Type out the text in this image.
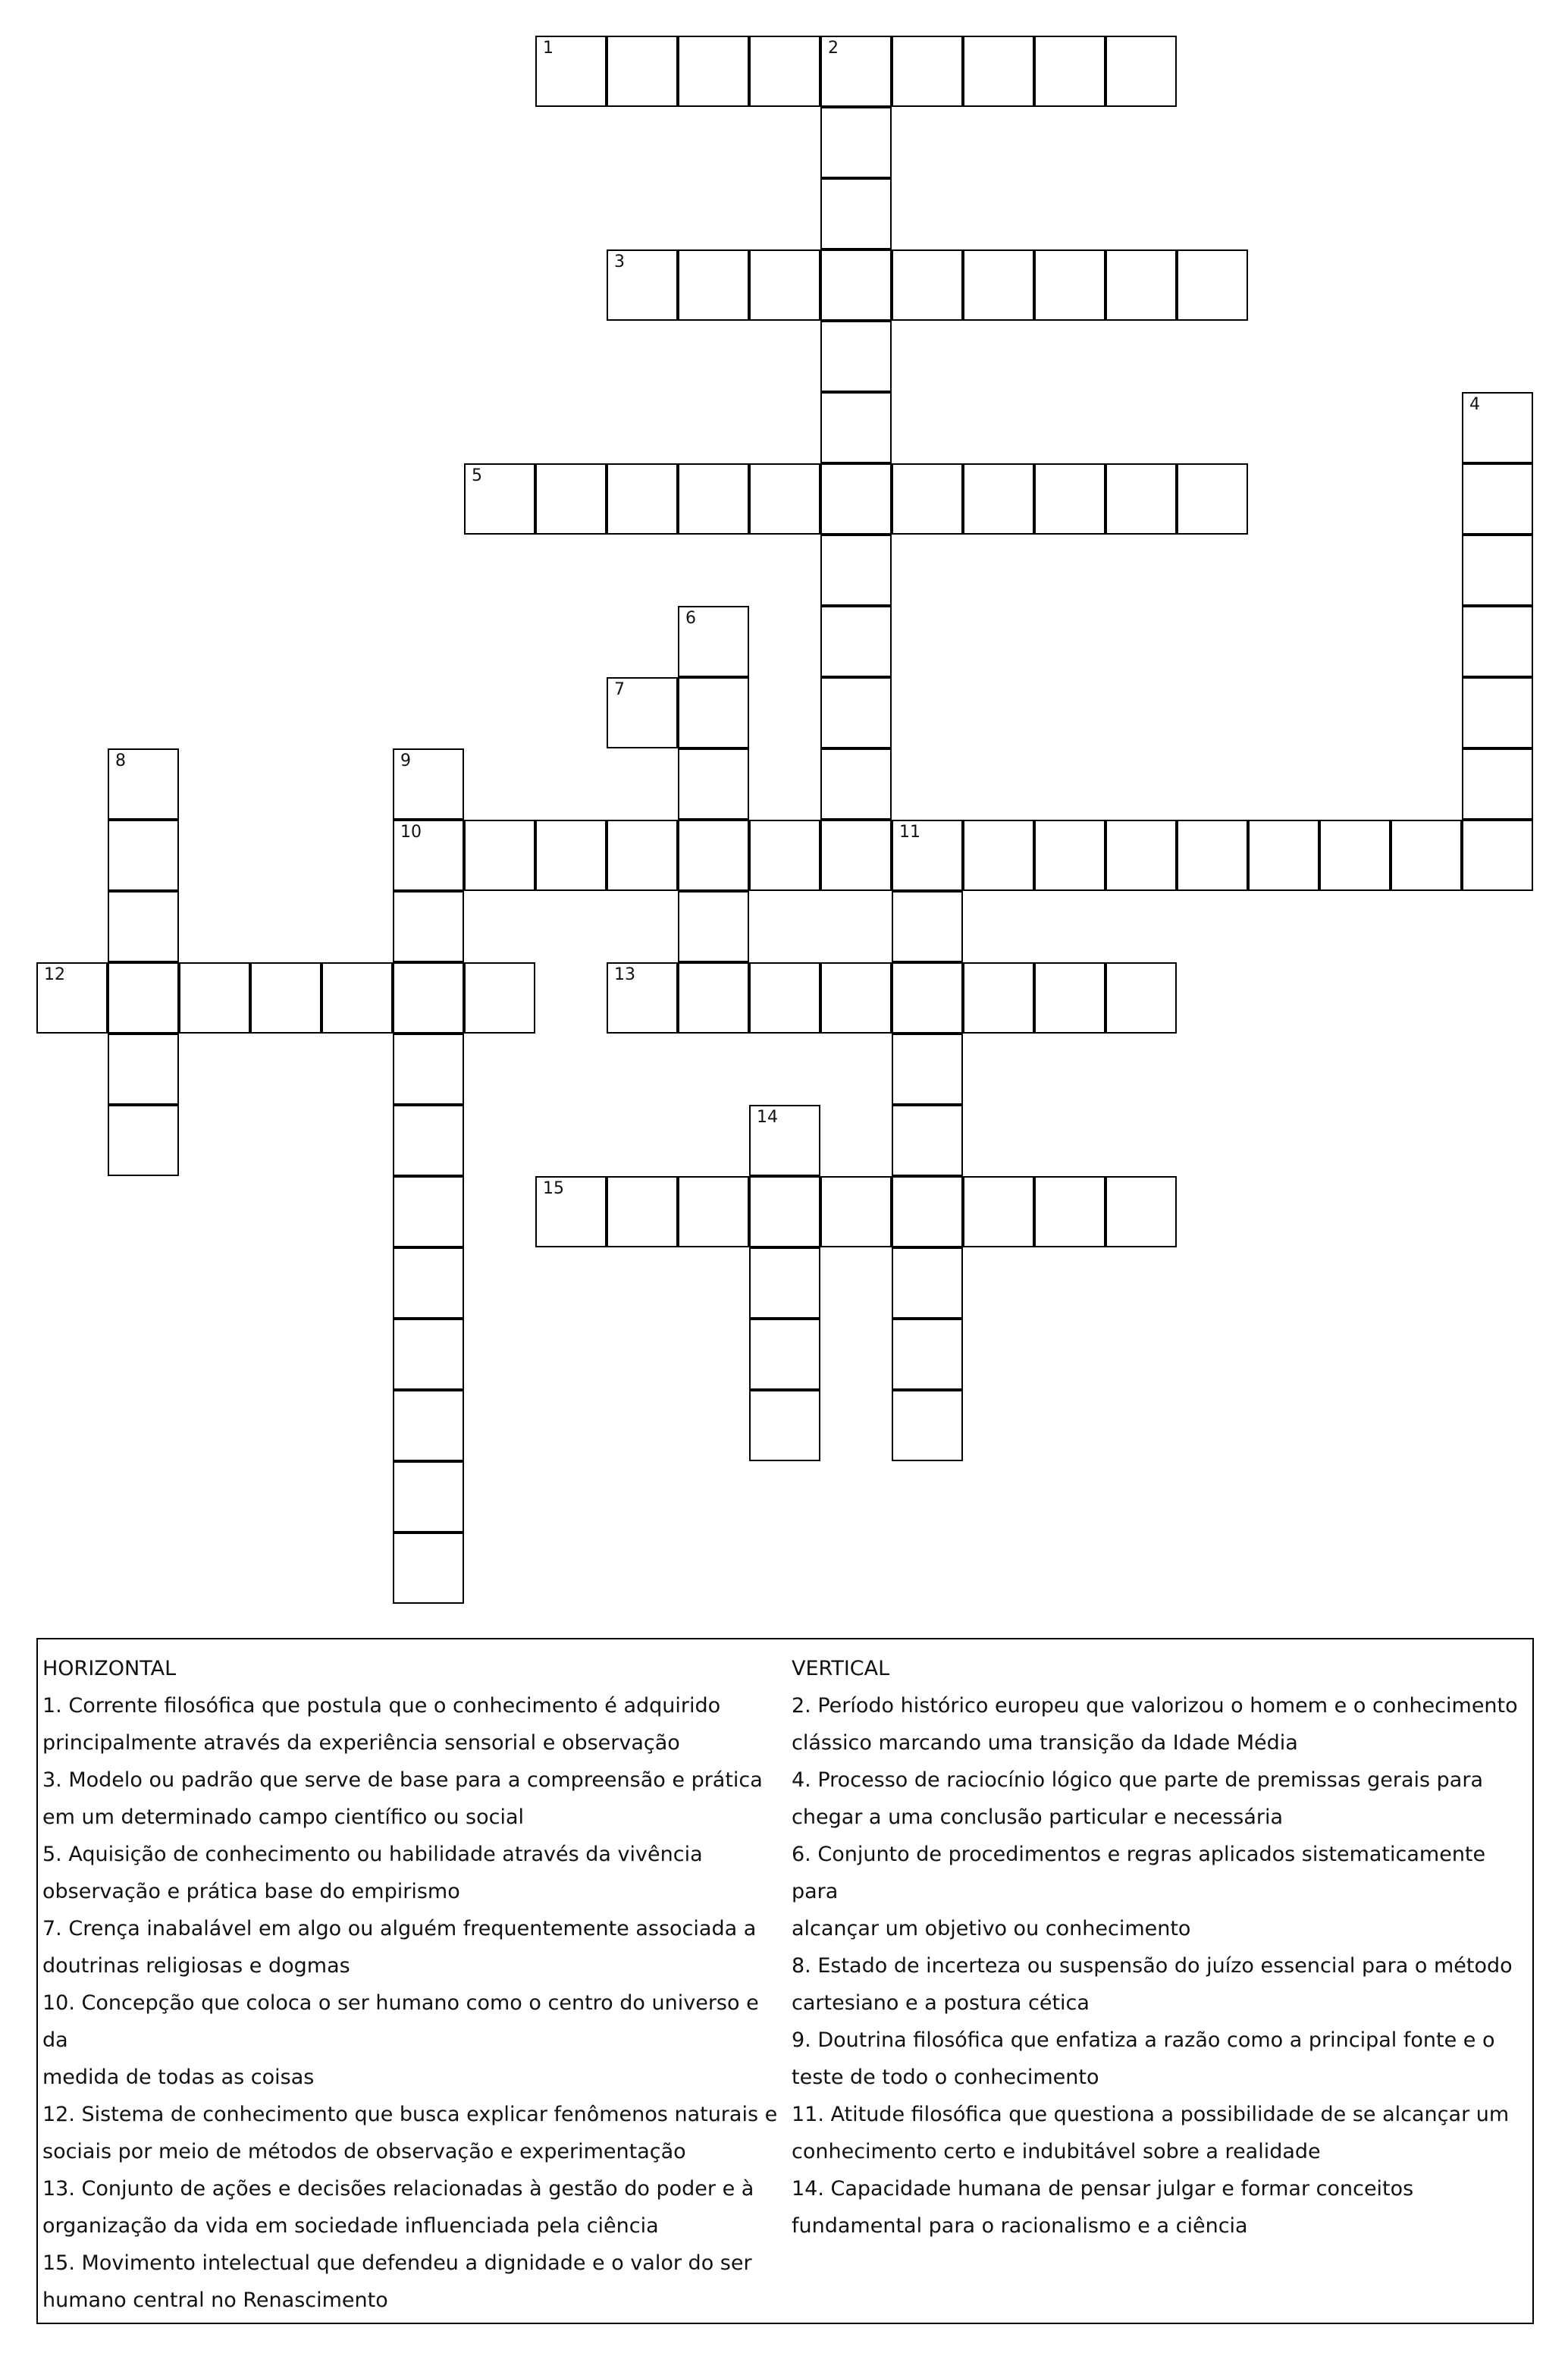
1	2
3
4
5
6
7
8	9
10	11
12	13
14
15
HORIZONTAL
1. Corrente filosófica que postula que o conhecimento é adquirido
principalmente através da experiência sensorial e observação
3. Modelo ou padrão que serve de base para a compreensão e prática
em um determinado campo científico ou social
5. Aquisição de conhecimento ou habilidade através da vivência
observação e prática base do empirismo
7. Crença inabalável em algo ou alguém frequentemente associada a
doutrinas religiosas e dogmas
10. Concepção que coloca o ser humano como o centro do universo e da
medida de todas as coisas
12. Sistema de conhecimento que busca explicar fenômenos naturais e
sociais por meio de métodos de observação e experimentação
13. Conjunto de ações e decisões relacionadas à gestão do poder e à
organização da vida em sociedade influenciada pela ciência
15. Movimento intelectual que defendeu a dignidade e o valor do ser
humano central no Renascimento
VERTICAL
2. Período histórico europeu que valorizou o homem e o conhecimento
clássico marcando uma transição da Idade Média
4. Processo de raciocínio lógico que parte de premissas gerais para
chegar a uma conclusão particular e necessária
6. Conjunto de procedimentos e regras aplicados sistematicamente para
alcançar um objetivo ou conhecimento
8. Estado de incerteza ou suspensão do juízo essencial para o método
cartesiano e a postura cética
9. Doutrina filosófica que enfatiza a razão como a principal fonte e o
teste de todo o conhecimento
11. Atitude filosófica que questiona a possibilidade de se alcançar um
conhecimento certo e indubitável sobre a realidade
14. Capacidade humana de pensar julgar e formar conceitos
fundamental para o racionalismo e a ciência
